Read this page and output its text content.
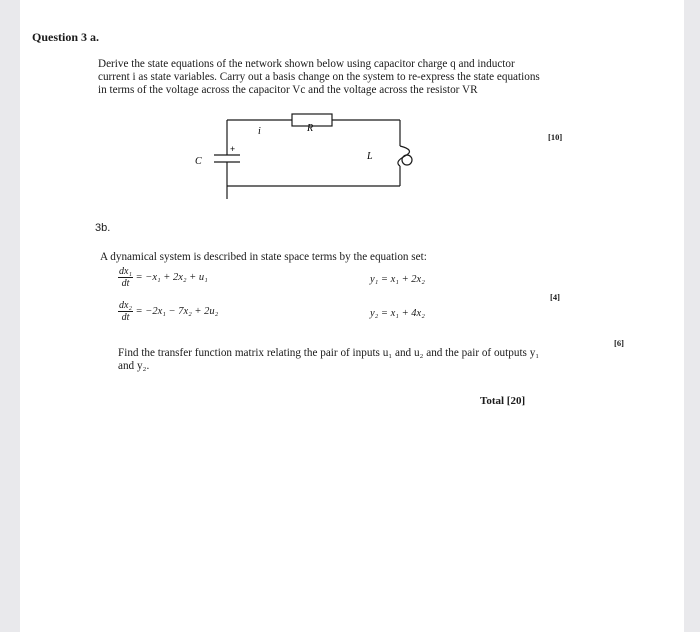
Question 3 a.
Derive the state equations of the network shown below using capacitor charge q and inductor
current i as state variables. Carry out a basis change on the system to re-express the state equations
in terms of the voltage across the capacitor Vc and the voltage across the resistor VR
i	R
L
C
+
[10]
3b.
A dynamical system is described in state space terms by the equation set:
$\frac{\text{dx₁}}{dt} = -x_1 + 2x_2 + u_1$	y₁ = x₁ + 2x₂
[4]
$\frac{\text{dx₂}}{dt} = -2x_1 - 7x_2 + 2u_2$	y₂ = x₁ + 4x₂
[6]
Find the transfer function matrix relating the pair of inputs u₁ and u₂ and the pair of outputs y₁
and y₂.
Total [20]
